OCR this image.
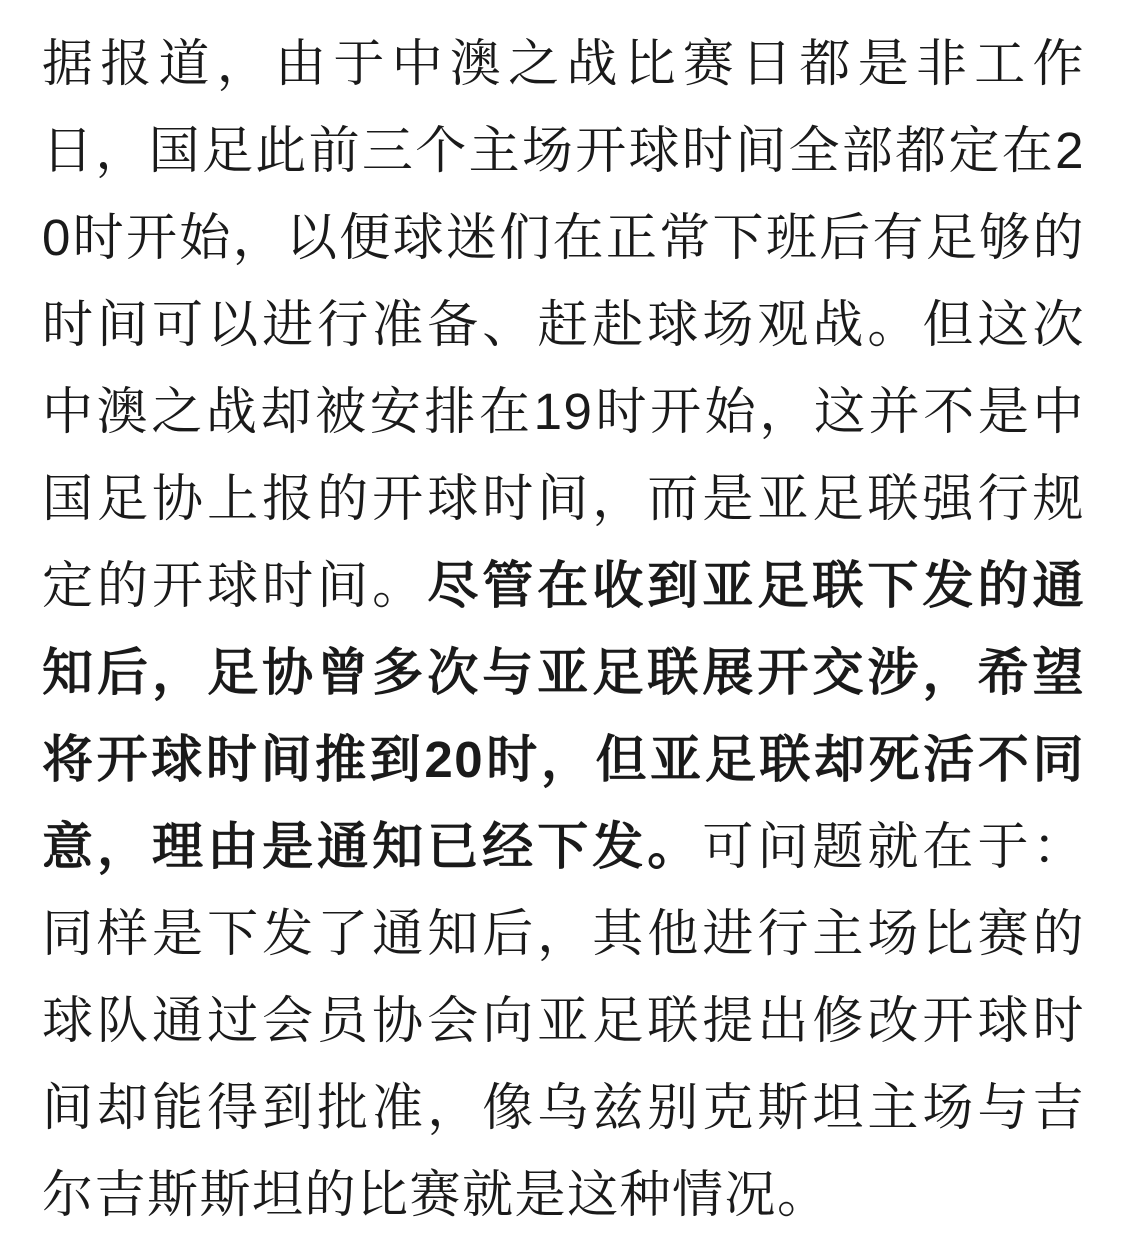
据报道，由于中澳之战比赛日都是非工作日，国足此前三个主场开球时间全部都定在20时开始，以便球迷们在正常下班后有足够的时间可以进行准备、赶赴球场观战。但这次中澳之战却被安排在19时开始，这并不是中国足协上报的开球时间，而是亚足联强行规定的开球时间。尽管在收到亚足联下发的通知后，足协曾多次与亚足联展开交涉，希望将开球时间推到20时，但亚足联却死活不同意，理由是通知已经下发。可问题就在于：同样是下发了通知后，其他进行主场比赛的球队通过会员协会向亚足联提出修改开球时间却能得到批准，像乌兹别克斯坦主场与吉尔吉斯斯坦的比赛就是这种情况。
